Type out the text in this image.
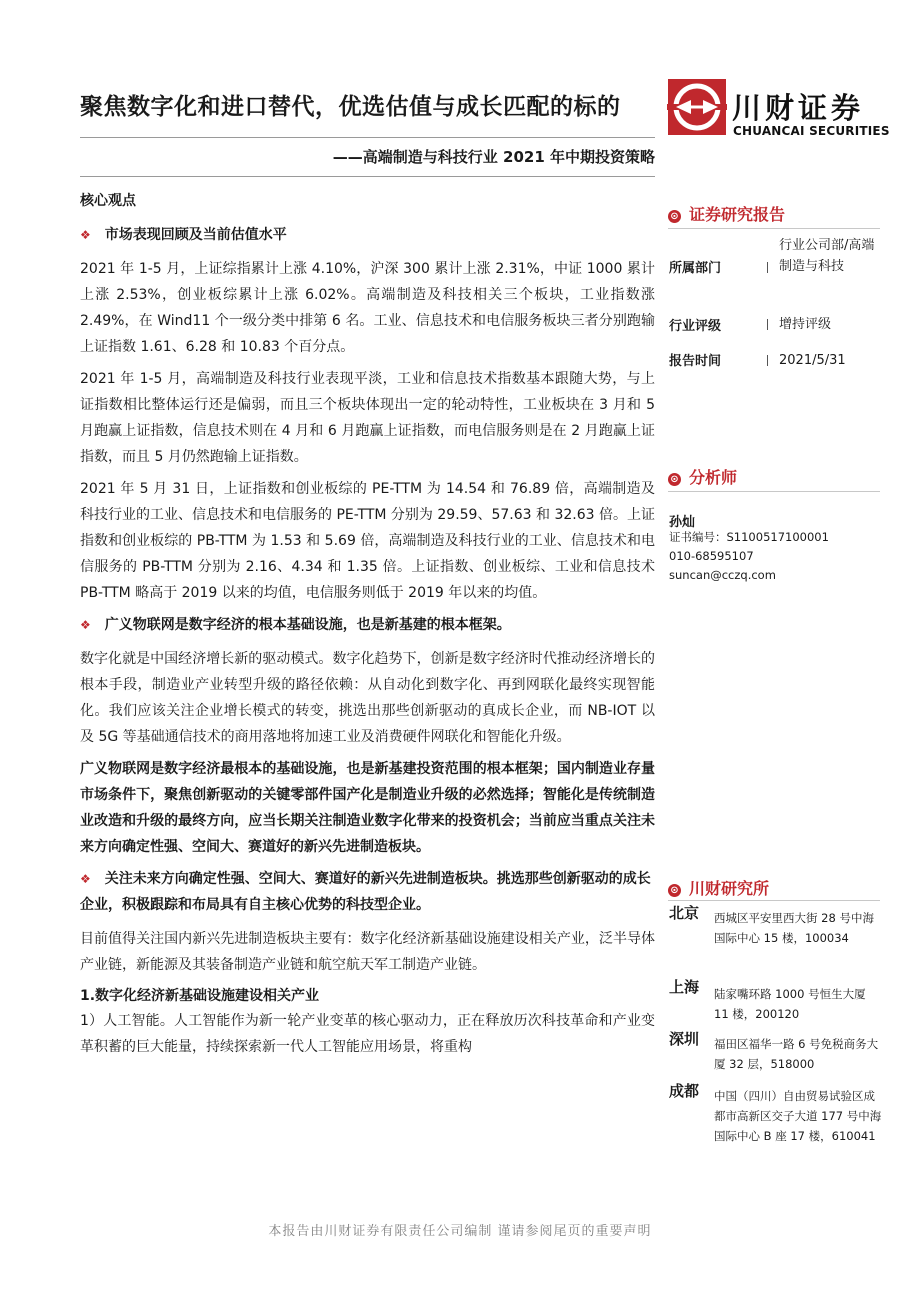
聚焦数字化和进口替代，优选估值与成长匹配的标的
——高端制造与科技行业 2021 年中期投资策略
川财证券
CHUANCAI SECURITIES
核心观点
❖ 市场表现回顾及当前估值水平
2021 年 1-5 月，上证综指累计上涨 4.10%，沪深 300 累计上涨 2.31%，中证 1000 累计上涨 2.53%，创业板综累计上涨 6.02%。高端制造及科技相关三个板块，工业指数涨 2.49%，在 Wind11 个一级分类中排第 6 名。工业、信息技术和电信服务板块三者分别跑输上证指数 1.61、6.28 和 10.83 个百分点。
2021 年 1-5 月，高端制造及科技行业表现平淡，工业和信息技术指数基本跟随大势，与上证指数相比整体运行还是偏弱，而且三个板块体现出一定的轮动特性，工业板块在 3 月和 5 月跑赢上证指数，信息技术则在 4 月和 6 月跑赢上证指数，而电信服务则是在 2 月跑赢上证指数，而且 5 月仍然跑输上证指数。
2021 年 5 月 31 日，上证指数和创业板综的 PE-TTM 为 14.54 和 76.89 倍，高端制造及科技行业的工业、信息技术和电信服务的 PE-TTM 分别为 29.59、57.63 和 32.63 倍。上证指数和创业板综的 PB-TTM 为 1.53 和 5.69 倍，高端制造及科技行业的工业、信息技术和电信服务的 PB-TTM 分别为 2.16、4.34 和 1.35 倍。上证指数、创业板综、工业和信息技术 PB-TTM 略高于 2019 以来的均值，电信服务则低于 2019 年以来的均值。
❖ 广义物联网是数字经济的根本基础设施，也是新基建的根本框架。
数字化就是中国经济增长新的驱动模式。数字化趋势下，创新是数字经济时代推动经济增长的根本手段，制造业产业转型升级的路径依赖：从自动化到数字化、再到网联化最终实现智能化。我们应该关注企业增长模式的转变，挑选出那些创新驱动的真成长企业，而 NB-IOT 以及 5G 等基础通信技术的商用落地将加速工业及消费硬件网联化和智能化升级。
广义物联网是数字经济最根本的基础设施，也是新基建投资范围的根本框架；国内制造业存量市场条件下，聚焦创新驱动的关键零部件国产化是制造业升级的必然选择；智能化是传统制造业改造和升级的最终方向，应当长期关注制造业数字化带来的投资机会；当前应当重点关注未来方向确定性强、空间大、赛道好的新兴先进制造板块。
❖ 关注未来方向确定性强、空间大、赛道好的新兴先进制造板块。挑选那些创新驱动的成长企业，积极跟踪和布局具有自主核心优势的科技型企业。
目前值得关注国内新兴先进制造板块主要有：数字化经济新基础设施建设相关产业，泛半导体产业链，新能源及其装备制造产业链和航空航天军工制造产业链。
1.数字化经济新基础设施建设相关产业
1）人工智能。人工智能作为新一轮产业变革的核心驱动力，正在释放历次科技革命和产业变革积蓄的巨大能量，持续探索新一代人工智能应用场景，将重构
⊙ 证券研究报告
所属部门
行业公司部/高端制造与科技
行业评级	增持评级
报告时间	2021/5/31
⊙ 分析师
孙灿
证书编号：S1100517100001
010-68595107
suncan@cczq.com
⊙ 川财研究所
北京 西城区平安里西大街 28 号中海国际中心 15 楼，100034
上海 陆家嘴环路 1000 号恒生大厦 11 楼，200120
深圳 福田区福华一路 6 号免税商务大厦 32 层，518000
成都 中国（四川）自由贸易试验区成都市高新区交子大道 177 号中海国际中心 B 座 17 楼，610041
本报告由川财证券有限责任公司编制 谨请参阅尾页的重要声明
